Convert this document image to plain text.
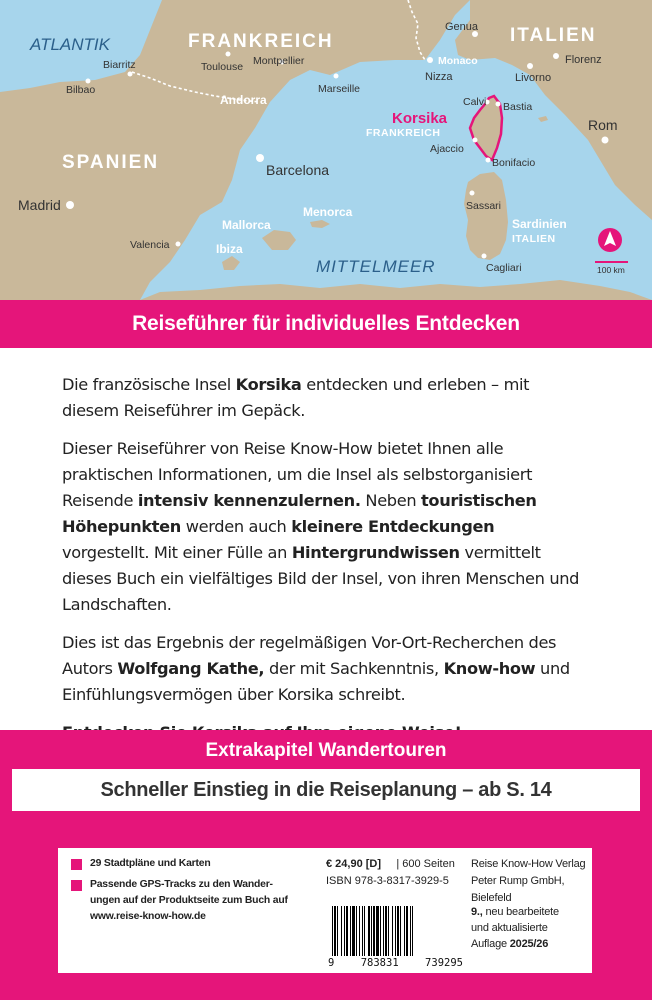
ATLANTIK	FRANKREICH	ITALIEN
SPANIEN
MITTELMEER
Korsika
FRANKREICH
Sardinien
ITALIEN
Andorra
Monaco
Mallorca
Menorca
Ibiza
Genua
Florenz
Livorno
Nizza
Calvi Bastia
Ajaccio
Bonifacio
Rom
Sassari
Cagliari
Biarritz
Bilbao
Toulouse Montpellier
Marseille
Barcelona
Madrid
Valencia
100 km
Reiseführer für individuelles Entdecken

Die französische Insel Korsika entdecken und erleben – mit diesem Reiseführer im Gepäck.

Dieser Reiseführer von Reise Know-How bietet Ihnen alle praktischen Informationen, um die Insel als selbstorganisiert Reisende intensiv kennenzulernen. Neben touristischen Höhepunkten werden auch kleinere Entdeckungen vorgestellt. Mit einer Fülle an Hintergrundwissen vermittelt dieses Buch ein vielfältiges Bild der Insel, von ihren Menschen und Landschaften.

Dies ist das Ergebnis der regelmäßigen Vor-Ort-Recherchen des Autors Wolfgang Kathe, der mit Sachkenntnis, Know-how und Einfühlungsvermögen über Korsika schreibt.

Extrakapitel Wandertouren
Schneller Einstieg in die Reiseplanung – ab S. 14
29 Stadtpläne und Karten
Passende GPS-Tracks zu den Wanderungen auf der Produktseite zum Buch auf www.reise-know-how.de
€ 24,90 [D] | 600 Seiten
ISBN 978-3-8317-3929-5
Reise Know-How Verlag
Peter Rump GmbH, Bielefeld
9., neu bearbeitete
und aktualisierte
Auflage 2025/26
9	783831	739295
